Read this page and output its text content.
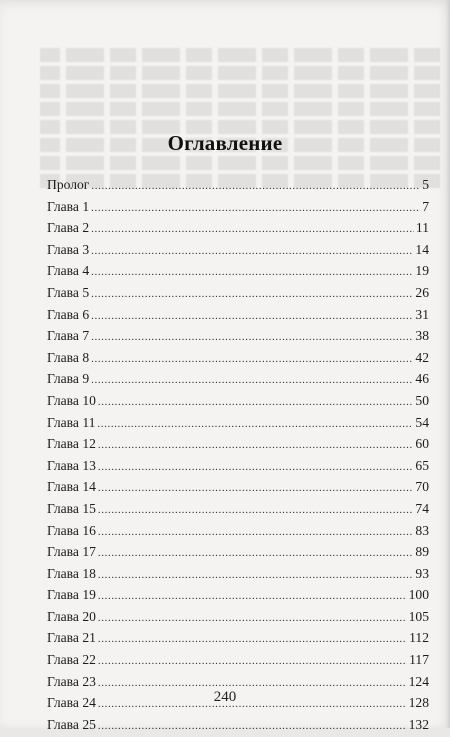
Оглавление
Пролог .....	5
Глава 1 .....	7
Глава 2 .....	11
Глава 3 .....	14
Глава 4 .....	19
Глава 5 .....	26
Глава 6 .....	31
Глава 7 .....	38
Глава 8 .....	42
Глава 9 .....	46
Глава 10 .....	50
Глава 11 .....	54
Глава 12 .....	60
Глава 13 .....	65
Глава 14 .....	70
Глава 15 .....	74
Глава 16 .....	83
Глава 17 .....	89
Глава 18 .....	93
Глава 19 .....	100
Глава 20 .....	105
Глава 21 .....	112
Глава 22 .....	117
Глава 23 .....	124
Глава 24 .....	128
Глава 25 .....	132
240
